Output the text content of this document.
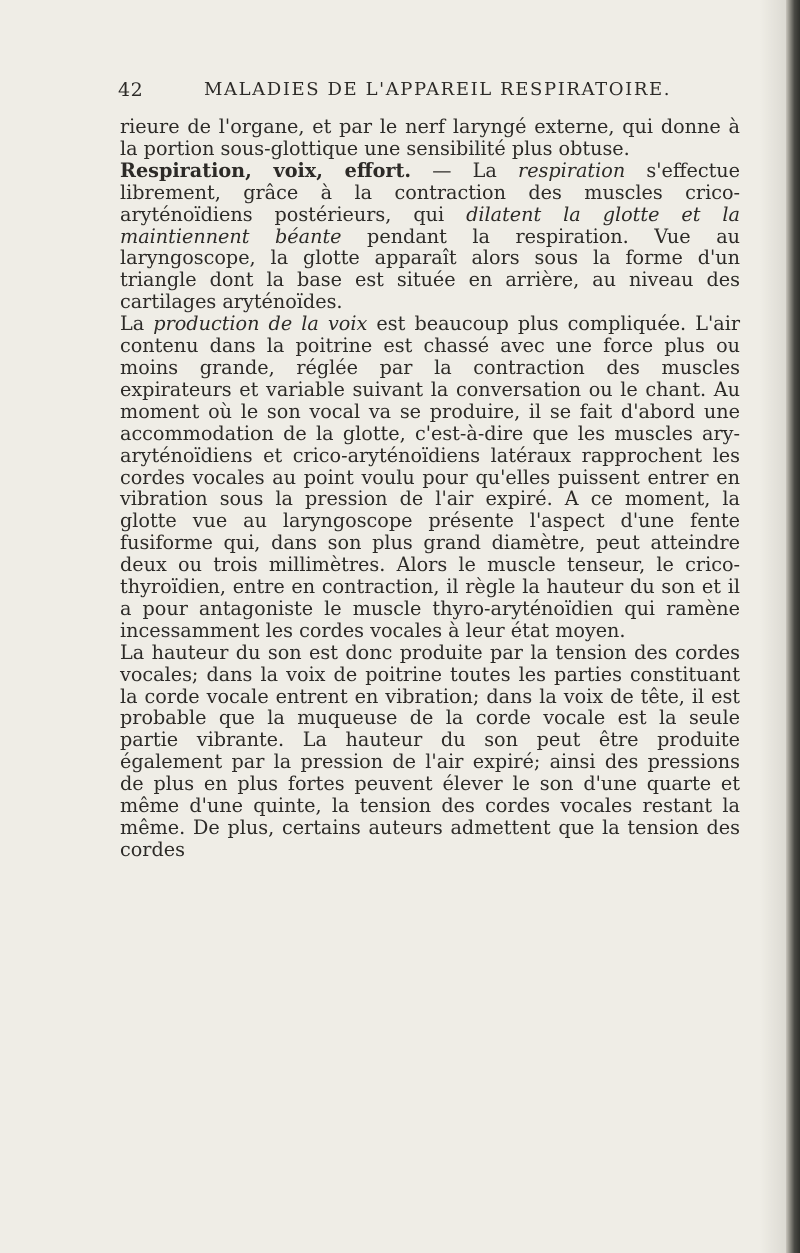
42	MALADIES DE L'APPAREIL RESPIRATOIRE.

rieure de l'organe, et par le nerf laryngé externe, qui donne à la portion sous-glottique une sensibilité plus obtuse.

Respiration, voix, effort. — La respiration s'effectue librement, grâce à la contraction des muscles crico-aryténoïdiens postérieurs, qui dilatent la glotte et la maintiennent béante pendant la respiration. Vue au laryngoscope, la glotte apparaît alors sous la forme d'un triangle dont la base est située en arrière, au niveau des cartilages aryténoïdes.

La production de la voix est beaucoup plus compliquée. L'air contenu dans la poitrine est chassé avec une force plus ou moins grande, réglée par la contraction des muscles expirateurs et variable suivant la conversation ou le chant. Au moment où le son vocal va se produire, il se fait d'abord une accommodation de la glotte, c'est-à-dire que les muscles ary-aryténoïdiens et crico-aryténoïdiens latéraux rapprochent les cordes vocales au point voulu pour qu'elles puissent entrer en vibration sous la pression de l'air expiré. A ce moment, la glotte vue au laryngoscope présente l'aspect d'une fente fusiforme qui, dans son plus grand diamètre, peut atteindre deux ou trois millimètres. Alors le muscle tenseur, le crico-thyroïdien, entre en contraction, il règle la hauteur du son et il a pour antagoniste le muscle thyro-aryténoïdien qui ramène incessamment les cordes vocales à leur état moyen.

La hauteur du son est donc produite par la tension des cordes vocales; dans la voix de poitrine toutes les parties constituant la corde vocale entrent en vibration; dans la voix de tête, il est probable que la muqueuse de la corde vocale est la seule partie vibrante. La hauteur du son peut être produite également par la pression de l'air expiré; ainsi des pressions de plus en plus fortes peuvent élever le son d'une quarte et même d'une quinte, la tension des cordes vocales restant la même. De plus, certains auteurs admettent que la tension des cordes
